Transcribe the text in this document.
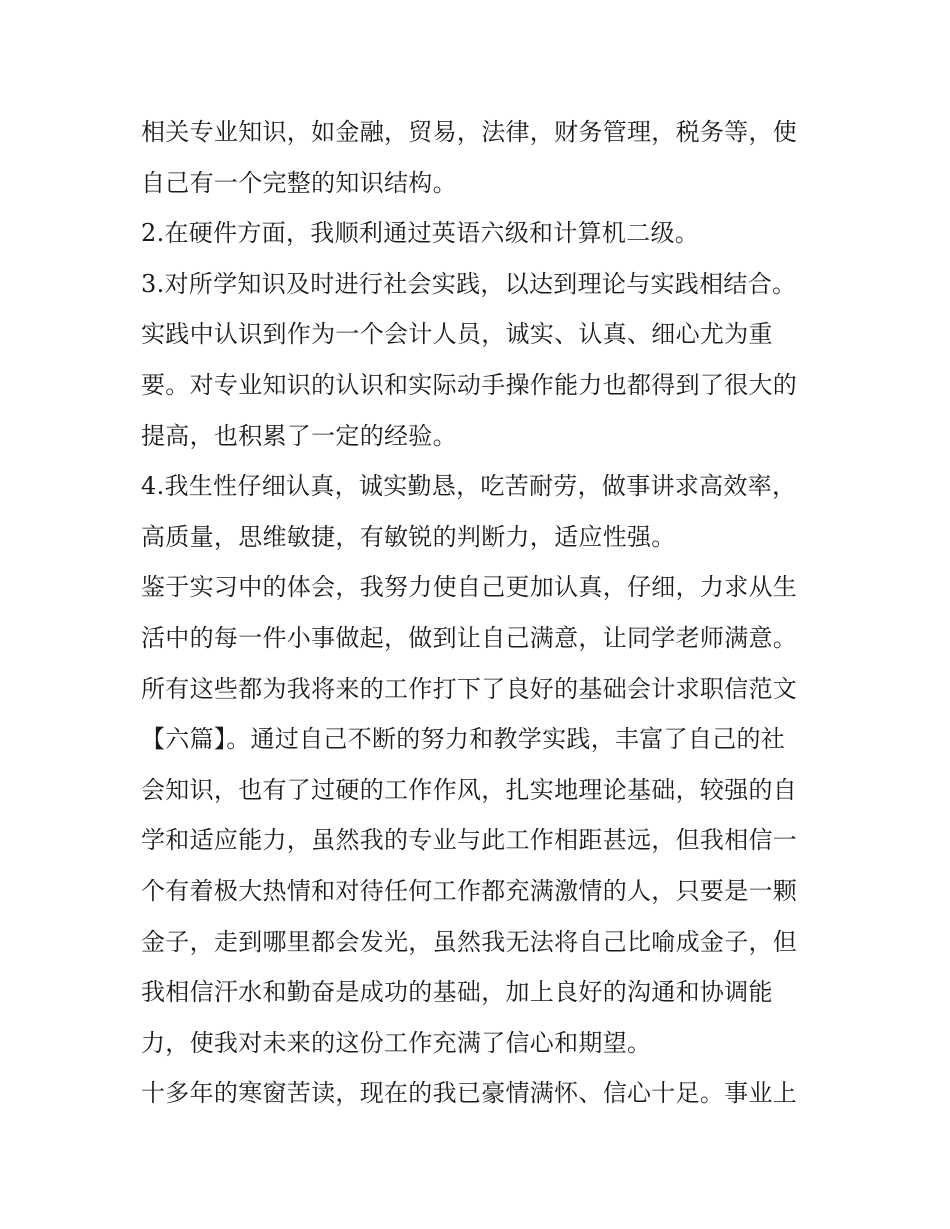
相关专业知识，如金融，贸易，法律，财务管理，税务等，使
自己有一个完整的知识结构。
2.在硬件方面，我顺利通过英语六级和计算机二级。
3.对所学知识及时进行社会实践，以达到理论与实践相结合。
实践中认识到作为一个会计人员，诚实、认真、细心尤为重
要。对专业知识的认识和实际动手操作能力也都得到了很大的
提高，也积累了一定的经验。
4.我生性仔细认真，诚实勤恳，吃苦耐劳，做事讲求高效率，
高质量，思维敏捷，有敏锐的判断力，适应性强。
鉴于实习中的体会，我努力使自己更加认真，仔细，力求从生
活中的每一件小事做起，做到让自己满意，让同学老师满意。
所有这些都为我将来的工作打下了良好的基础会计求职信范文
【六篇】。通过自己不断的努力和教学实践，丰富了自己的社
会知识，也有了过硬的工作作风，扎实地理论基础，较强的自
学和适应能力，虽然我的专业与此工作相距甚远，但我相信一
个有着极大热情和对待任何工作都充满激情的人，只要是一颗
金子，走到哪里都会发光，虽然我无法将自己比喻成金子，但
我相信汗水和勤奋是成功的基础，加上良好的沟通和协调能
力，使我对未来的这份工作充满了信心和期望。
十多年的寒窗苦读，现在的我已豪情满怀、信心十足。事业上
